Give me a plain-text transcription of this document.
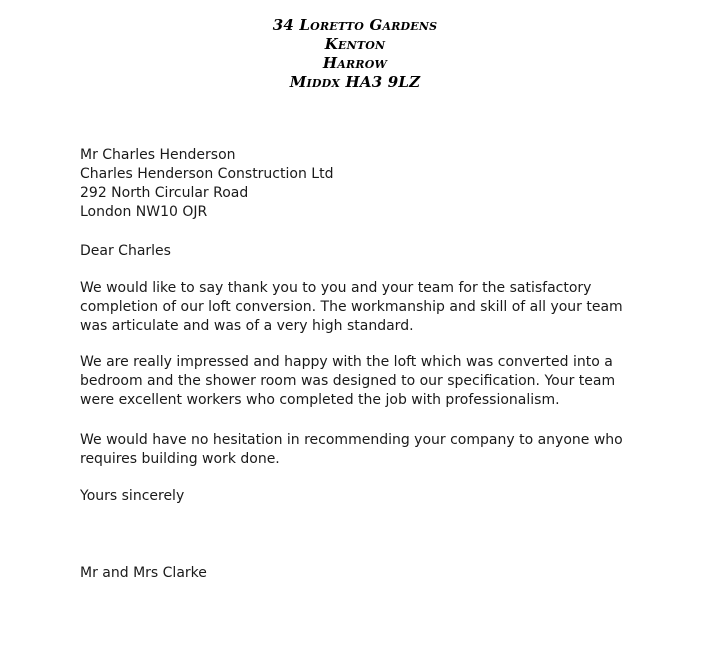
34 Loretto Gardens
Kenton
Harrow
Middx HA3 9LZ
Mr Charles Henderson
Charles Henderson Construction Ltd
292 North Circular Road
London NW10 OJR
Dear Charles

We would like to say thank you to you and your team for the satisfactory completion of our loft conversion. The workmanship and skill of all your team was articulate and was of a very high standard.

We are really impressed and happy with the loft which was converted into a bedroom and the shower room was designed to our specification. Your team were excellent workers who completed the job with professionalism.

We would have no hesitation in recommending your company to anyone who requires building work done.

Yours sincerely
Mr and Mrs Clarke
